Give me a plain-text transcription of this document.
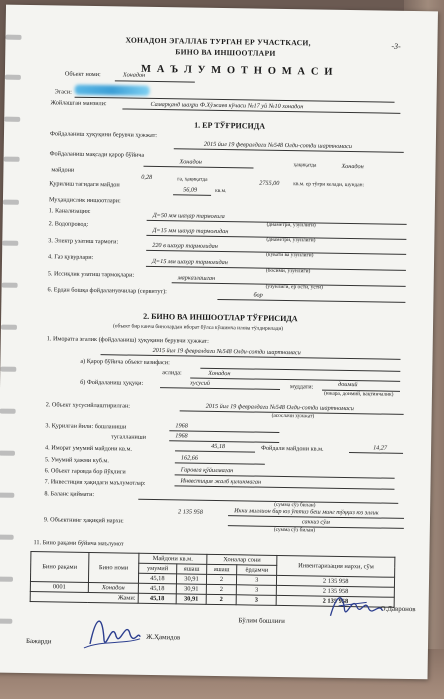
-3-
ХОНАДОН ЭГАЛЛАБ ТУРГАН ЕР УЧАСТКАСИ,
БИНО ВА ИНШООТЛАРИ
М А Ъ Л У М О Т Н О М А С И
Объект номи:	Хонадон
Эгаси:
Жойлашган манзили:	Самарқанд шаҳри Ф.Хўжаев кўчаси №17 уй №10 хонадон
1. ЕР ТЎҒРИСИДА
Фойдаланиш ҳуқуқини берувчи ҳужжат:
2015 йил 19 февралдаги №548 Олди-сотди шартномаси
Фойдаланиш мақсади қарор бўйича
Хонадон	ҳақиқатда	Хонадон
майдони
0,28	га, ҳақиқатда
2755,00	кв.м. ер тўғри келади, шундан:
Қурилиш тагидаги майдон
56,09	кв.м.
Муҳандислик иншоотлари:
1. Канализация:
Д=50 мм шаҳар тармоғига
(диаметри, узунлиги)
2. Водопровод:
Д=15 мм шаҳар тармоғидан
(диаметри, узунлиги)
3. Электр узатиш тармоғи:
220 в шаҳар тармоғидан
(кувати ва узунлиги)
4. Газ қувурлари:
Д=15 мм шаҳар тармоғидан
(босими, узунлиги)
5. Иссиқлик узатиш тармоқлари:	марказлашган
(узунлиги, ер ости, усти)
6. Ердан бошқа фойдаланувчилар (сервитут):	бор
2. БИНО ВА ИНШООТЛАР ТЎҒРИСИДА
(объект бир канча бинолардан иборат бўлса кўшимча илова тўлдирилади)
1. Иморатга эгалик (фойдаланиш) ҳуқуқини берувчи ҳужжат:
2015 йил 19 февралдаги №548 Олди-сотди шартномаси
а) Қарор бўйича объект вазифаси:
аслида:	Хонадон
б) Фойдаланиш ҳуқуқи:	хусусий	муддати:	доимий
(ижара, доимий, вақтинчалик)
2. Объект хусусийлаштирилган:	2015 йил 19 февралдаги №548 Олди-сотди шартномаси
(асослачи хужжат)
3. Қурилган йили: бошланиши	1968
тугалланиши	1968
4. Иморат умумий майдони кв.м.	45,18	Фойдали майдони кв.м.	14,27
5. Умумий ҳажми куб.м.	162,66
6. Объект гаровда бор йўқлиги	Гаровга қўйилмаган
7. Инвестиция ҳақидаги маълумотлар:	Инвестиция жалб қилинмаган
8. Баланс қиймати:
(сумма сўз билан)
9. Объектнинг ҳақиқий нархи:
2 135 958	Икки миллион бир юз ўттиз беш минг тўққиз юз эллик
саккиз сўм
(сумма сўз билан)
11. Бино рақами бўйича маълумот
Бино рақами	Бино номи	Майдони кв.м.		Хоналар сони		Инвентаризация нархи, сўм
		умумий	яшаш	яшаш	ёрдамчи	
		45,18	30,91	2	3	2 135 958
0001	Хонадон	45,18	30,91	2	3	2 135 958
Жами:		45,18	30,91	2	3	2 135 958
Бўлим бошлиғи
О.Давронов
Бажарди
Ж.Ҳамидов
